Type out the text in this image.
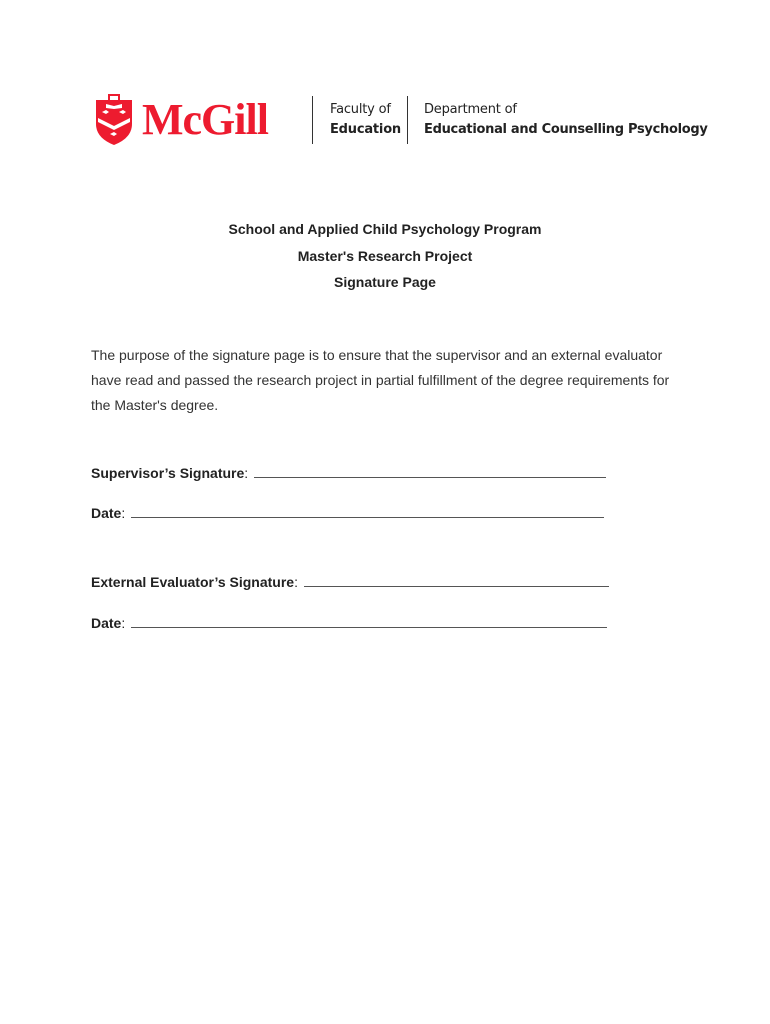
McGill	Faculty of
Education
Department of
Educational and Counselling Psychology
School and Applied Child Psychology Program
Master's Research Project
Signature Page
The purpose of the signature page is to ensure that the supervisor and an external evaluator have read and passed the research project in partial fulfillment of the degree requirements for the Master's degree.
Supervisor’s Signature:
Date:
External Evaluator’s Signature:
Date:
